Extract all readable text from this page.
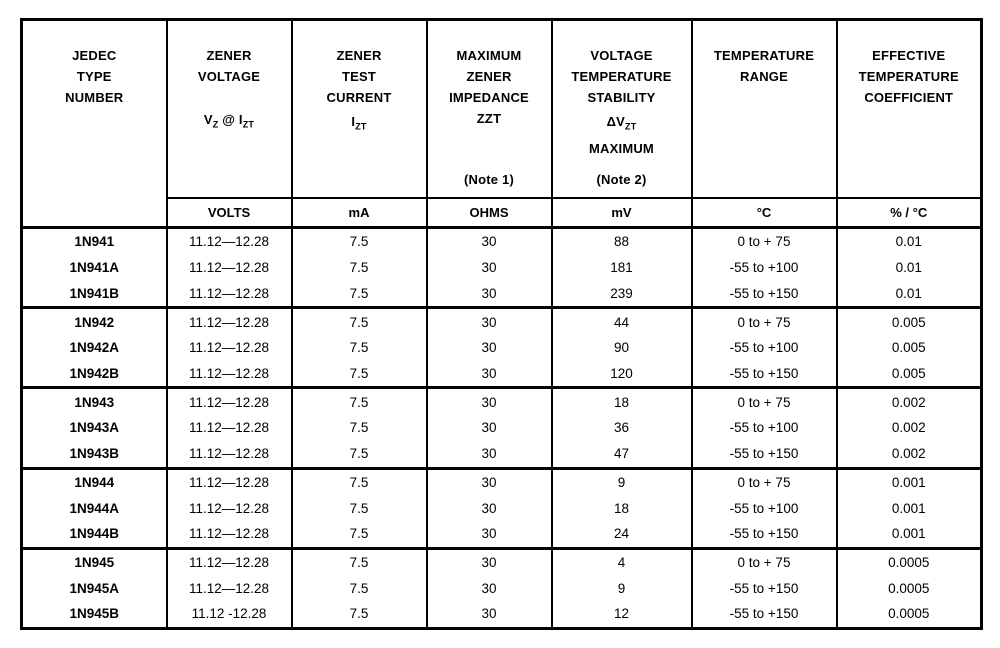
JEDEC
TYPE
NUMBER

ZENER
VOLTAGE
$V_Z$ @ $I_{ZT}$

ZENER
TEST
CURRENT
$I_{ZT}$

MAXIMUM
ZENER
IMPEDANCE
ZZT
(Note 1)

VOLTAGE
TEMPERATURE
STABILITY
$\Delta V_{ZT}$
MAXIMUM
(Note 2)

TEMPERATURE
RANGE

EFFECTIVE
TEMPERATURE
COEFFICIENT

	VOLTS	mA	OHMS	mV	°C	% / °C
1N941	11.12—12.28	7.5	30	88	0 to + 75	0.01
1N941A	11.12—12.28	7.5	30	181	-55 to +100	0.01
1N941B	11.12—12.28	7.5	30	239	-55 to +150	0.01
1N942	11.12—12.28	7.5	30	44	0 to + 75	0.005
1N942A	11.12—12.28	7.5	30	90	-55 to +100	0.005
1N942B	11.12—12.28	7.5	30	120	-55 to +150	0.005
1N943	11.12—12.28	7.5	30	18	0 to + 75	0.002
1N943A	11.12—12.28	7.5	30	36	-55 to +100	0.002
1N943B	11.12—12.28	7.5	30	47	-55 to +150	0.002
1N944	11.12—12.28	7.5	30	9	0 to + 75	0.001
1N944A	11.12—12.28	7.5	30	18	-55 to +100	0.001
1N944B	11.12—12.28	7.5	30	24	-55 to +150	0.001
1N945	11.12—12.28	7.5	30	4	0 to + 75	0.0005
1N945A	11.12—12.28	7.5	30	9	-55 to +150	0.0005
1N945B	11.12 -12.28	7.5	30	12	-55 to +150	0.0005
